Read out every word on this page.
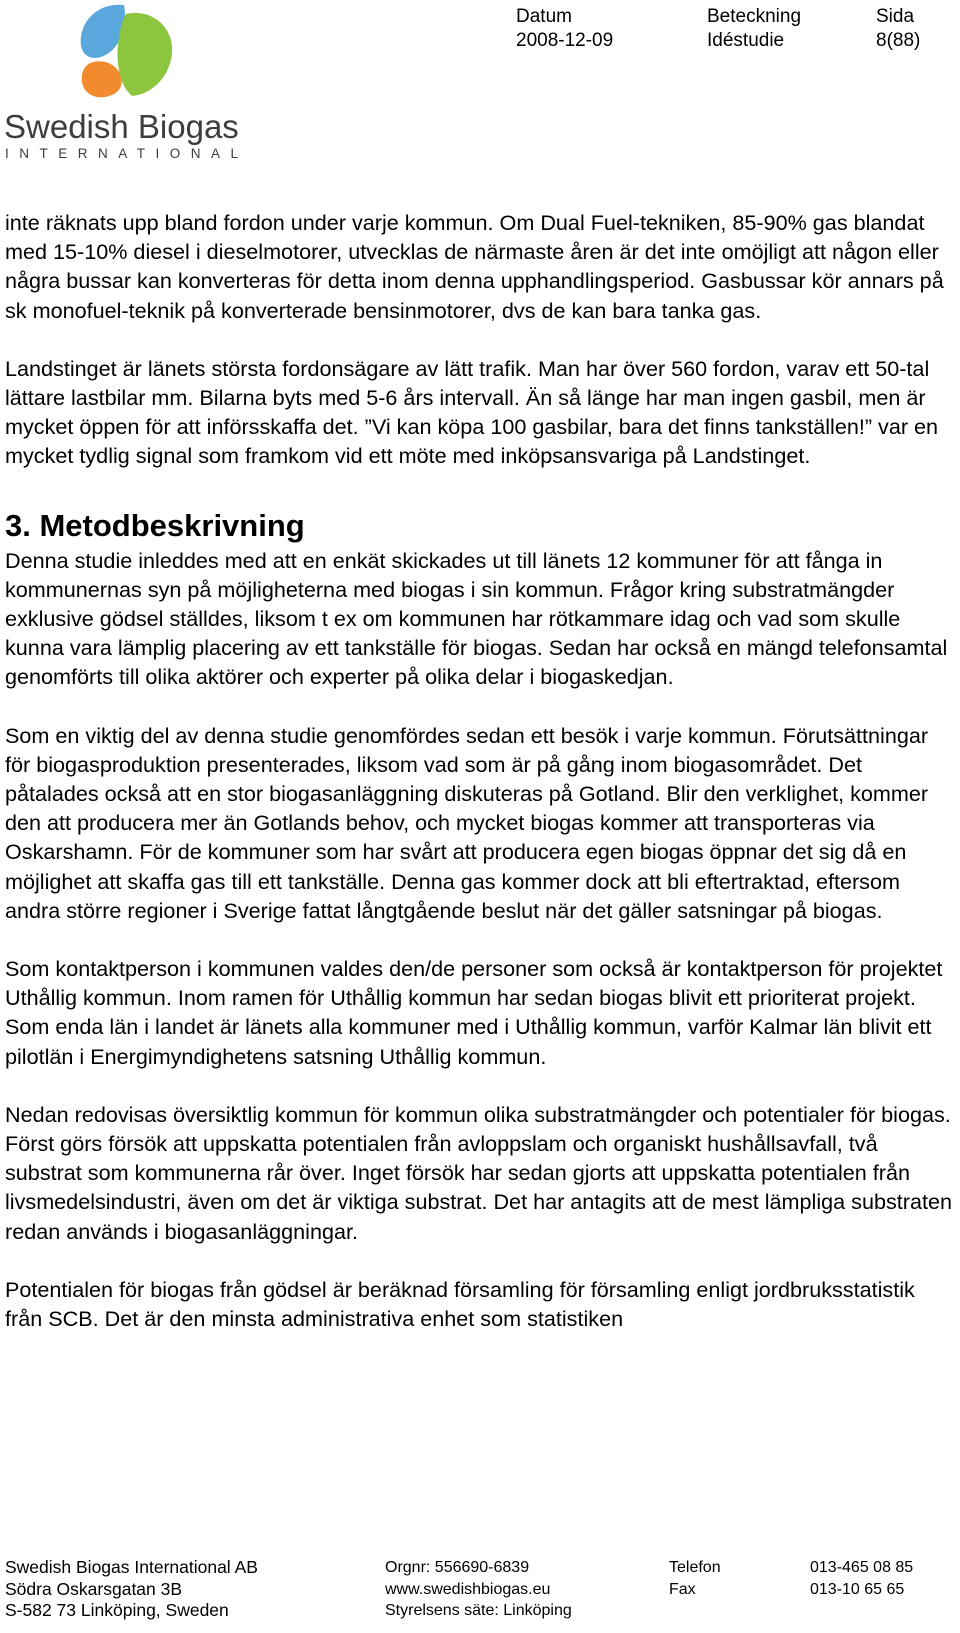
Swedish Biogas
INTERNATIONAL
Datum
2008-12-09
Beteckning
Idéstudie
Sida
8(88)

inte räknats upp bland fordon under varje kommun. Om Dual Fuel-tekniken, 85-90% gas blandat med 15-10% diesel i dieselmotorer, utvecklas de närmaste åren är det inte omöjligt att någon eller några bussar kan konverteras för detta inom denna upphandlingsperiod. Gasbussar kör annars på sk monofuel-teknik på konverterade bensinmotorer, dvs de kan bara tanka gas.

Landstinget är länets största fordonsägare av lätt trafik. Man har över 560 fordon, varav ett 50-tal lättare lastbilar mm. Bilarna byts med 5-6 års intervall. Än så länge har man ingen gasbil, men är mycket öppen för att införsskaffa det. ”Vi kan köpa 100 gasbilar, bara det finns tankställen!” var en mycket tydlig signal som framkom vid ett möte med inköpsansvariga på Landstinget.

3. Metodbeskrivning

Denna studie inleddes med att en enkät skickades ut till länets 12 kommuner för att fånga in kommunernas syn på möjligheterna med biogas i sin kommun. Frågor kring substratmängder exklusive gödsel ställdes, liksom t ex om kommunen har rötkammare idag och vad som skulle kunna vara lämplig placering av ett tankställe för biogas. Sedan har också en mängd telefonsamtal genomförts till olika aktörer och experter på olika delar i biogaskedjan.

Som en viktig del av denna studie genomfördes sedan ett besök i varje kommun. Förutsättningar för biogasproduktion presenterades, liksom vad som är på gång inom biogasområdet. Det påtalades också att en stor biogasanläggning diskuteras på Gotland. Blir den verklighet, kommer den att producera mer än Gotlands behov, och mycket biogas kommer att transporteras via Oskarshamn. För de kommuner som har svårt att producera egen biogas öppnar det sig då en möjlighet att skaffa gas till ett tankställe. Denna gas kommer dock att bli eftertraktad, eftersom andra större regioner i Sverige fattat långtgående beslut när det gäller satsningar på biogas.

Som kontaktperson i kommunen valdes den/de personer som också är kontaktperson för projektet Uthållig kommun. Inom ramen för Uthållig kommun har sedan biogas blivit ett prioriterat projekt. Som enda län i landet är länets alla kommuner med i Uthållig kommun, varför Kalmar län blivit ett pilotlän i Energimyndighetens satsning Uthållig kommun.

Nedan redovisas översiktlig kommun för kommun olika substratmängder och potentialer för biogas. Först görs försök att uppskatta potentialen från avloppslam och organiskt hushållsavfall, två substrat som kommunerna rår över. Inget försök har sedan gjorts att uppskatta potentialen från livsmedelsindustri, även om det är viktiga substrat. Det har antagits att de mest lämpliga substraten redan används i biogasanläggningar.

Potentialen för biogas från gödsel är beräknad församling för församling enligt jordbruksstatistik från SCB. Det är den minsta administrativa enhet som statistiken

Swedish Biogas International AB
Södra Oskarsgatan 3B
S-582 73 Linköping, Sweden
Orgnr: 556690-6839
www.swedishbiogas.eu
Styrelsens säte: Linköping
Telefon
Fax
013-465 08 85
013-10 65 65
